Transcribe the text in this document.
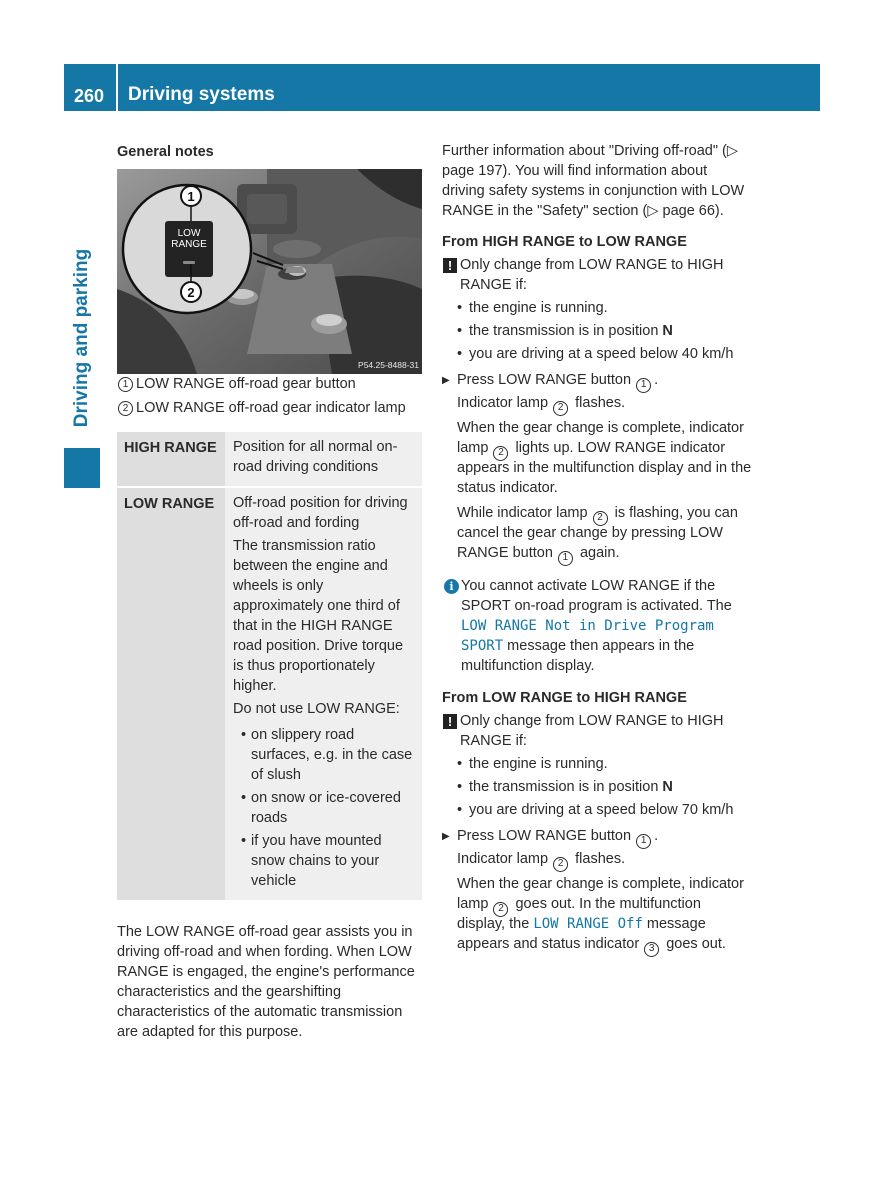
260 Driving systems
Driving and parking
General notes
LOW
RANGE
1
2
P54.25-8488-31
1 LOW RANGE off-road gear button
2 LOW RANGE off-road gear indicator lamp
HIGH RANGE	Position for all normal on-road driving conditions

LOW RANGE	Off-road position for driving off-road and fording

The transmission ratio between the engine and wheels is only approximately one third of that in the HIGH RANGE road position. Drive torque is thus proportionately higher.

Do not use LOW RANGE:

• on slippery road surfaces, e.g. in the case of slush
• on snow or ice-covered roads
• if you have mounted snow chains to your vehicle

The LOW RANGE off-road gear assists you in driving off-road and when fording. When LOW RANGE is engaged, the engine's performance characteristics and the gearshifting characteristics of the automatic transmission are adapted for this purpose.

Further information about "Driving off-road" (▷ page 197). You will find information about driving safety systems in conjunction with LOW RANGE in the "Safety" section (▷ page 66).

From HIGH RANGE to LOW RANGE
! Only change from LOW RANGE to HIGH RANGE if:
• the engine is running.
• the transmission is in position N
• you are driving at a speed below 40 km/h
▶ Press LOW RANGE button 1 .
Indicator lamp 2 flashes.
When the gear change is complete, indicator lamp 2 lights up. LOW RANGE indicator appears in the multifunction display and in the status indicator.
While indicator lamp 2 is flashing, you can cancel the gear change by pressing LOW RANGE button 1 again.
i You cannot activate LOW RANGE if the SPORT on-road program is activated. The LOW RANGE Not in Drive Program SPORT message then appears in the multifunction display.
From LOW RANGE to HIGH RANGE
! Only change from LOW RANGE to HIGH RANGE if:
• the engine is running.
• the transmission is in position N
• you are driving at a speed below 70 km/h
▶ Press LOW RANGE button 1 .
Indicator lamp 2 flashes.
When the gear change is complete, indicator lamp 2 goes out. In the multifunction display, the LOW RANGE Off message appears and status indicator 3 goes out.
